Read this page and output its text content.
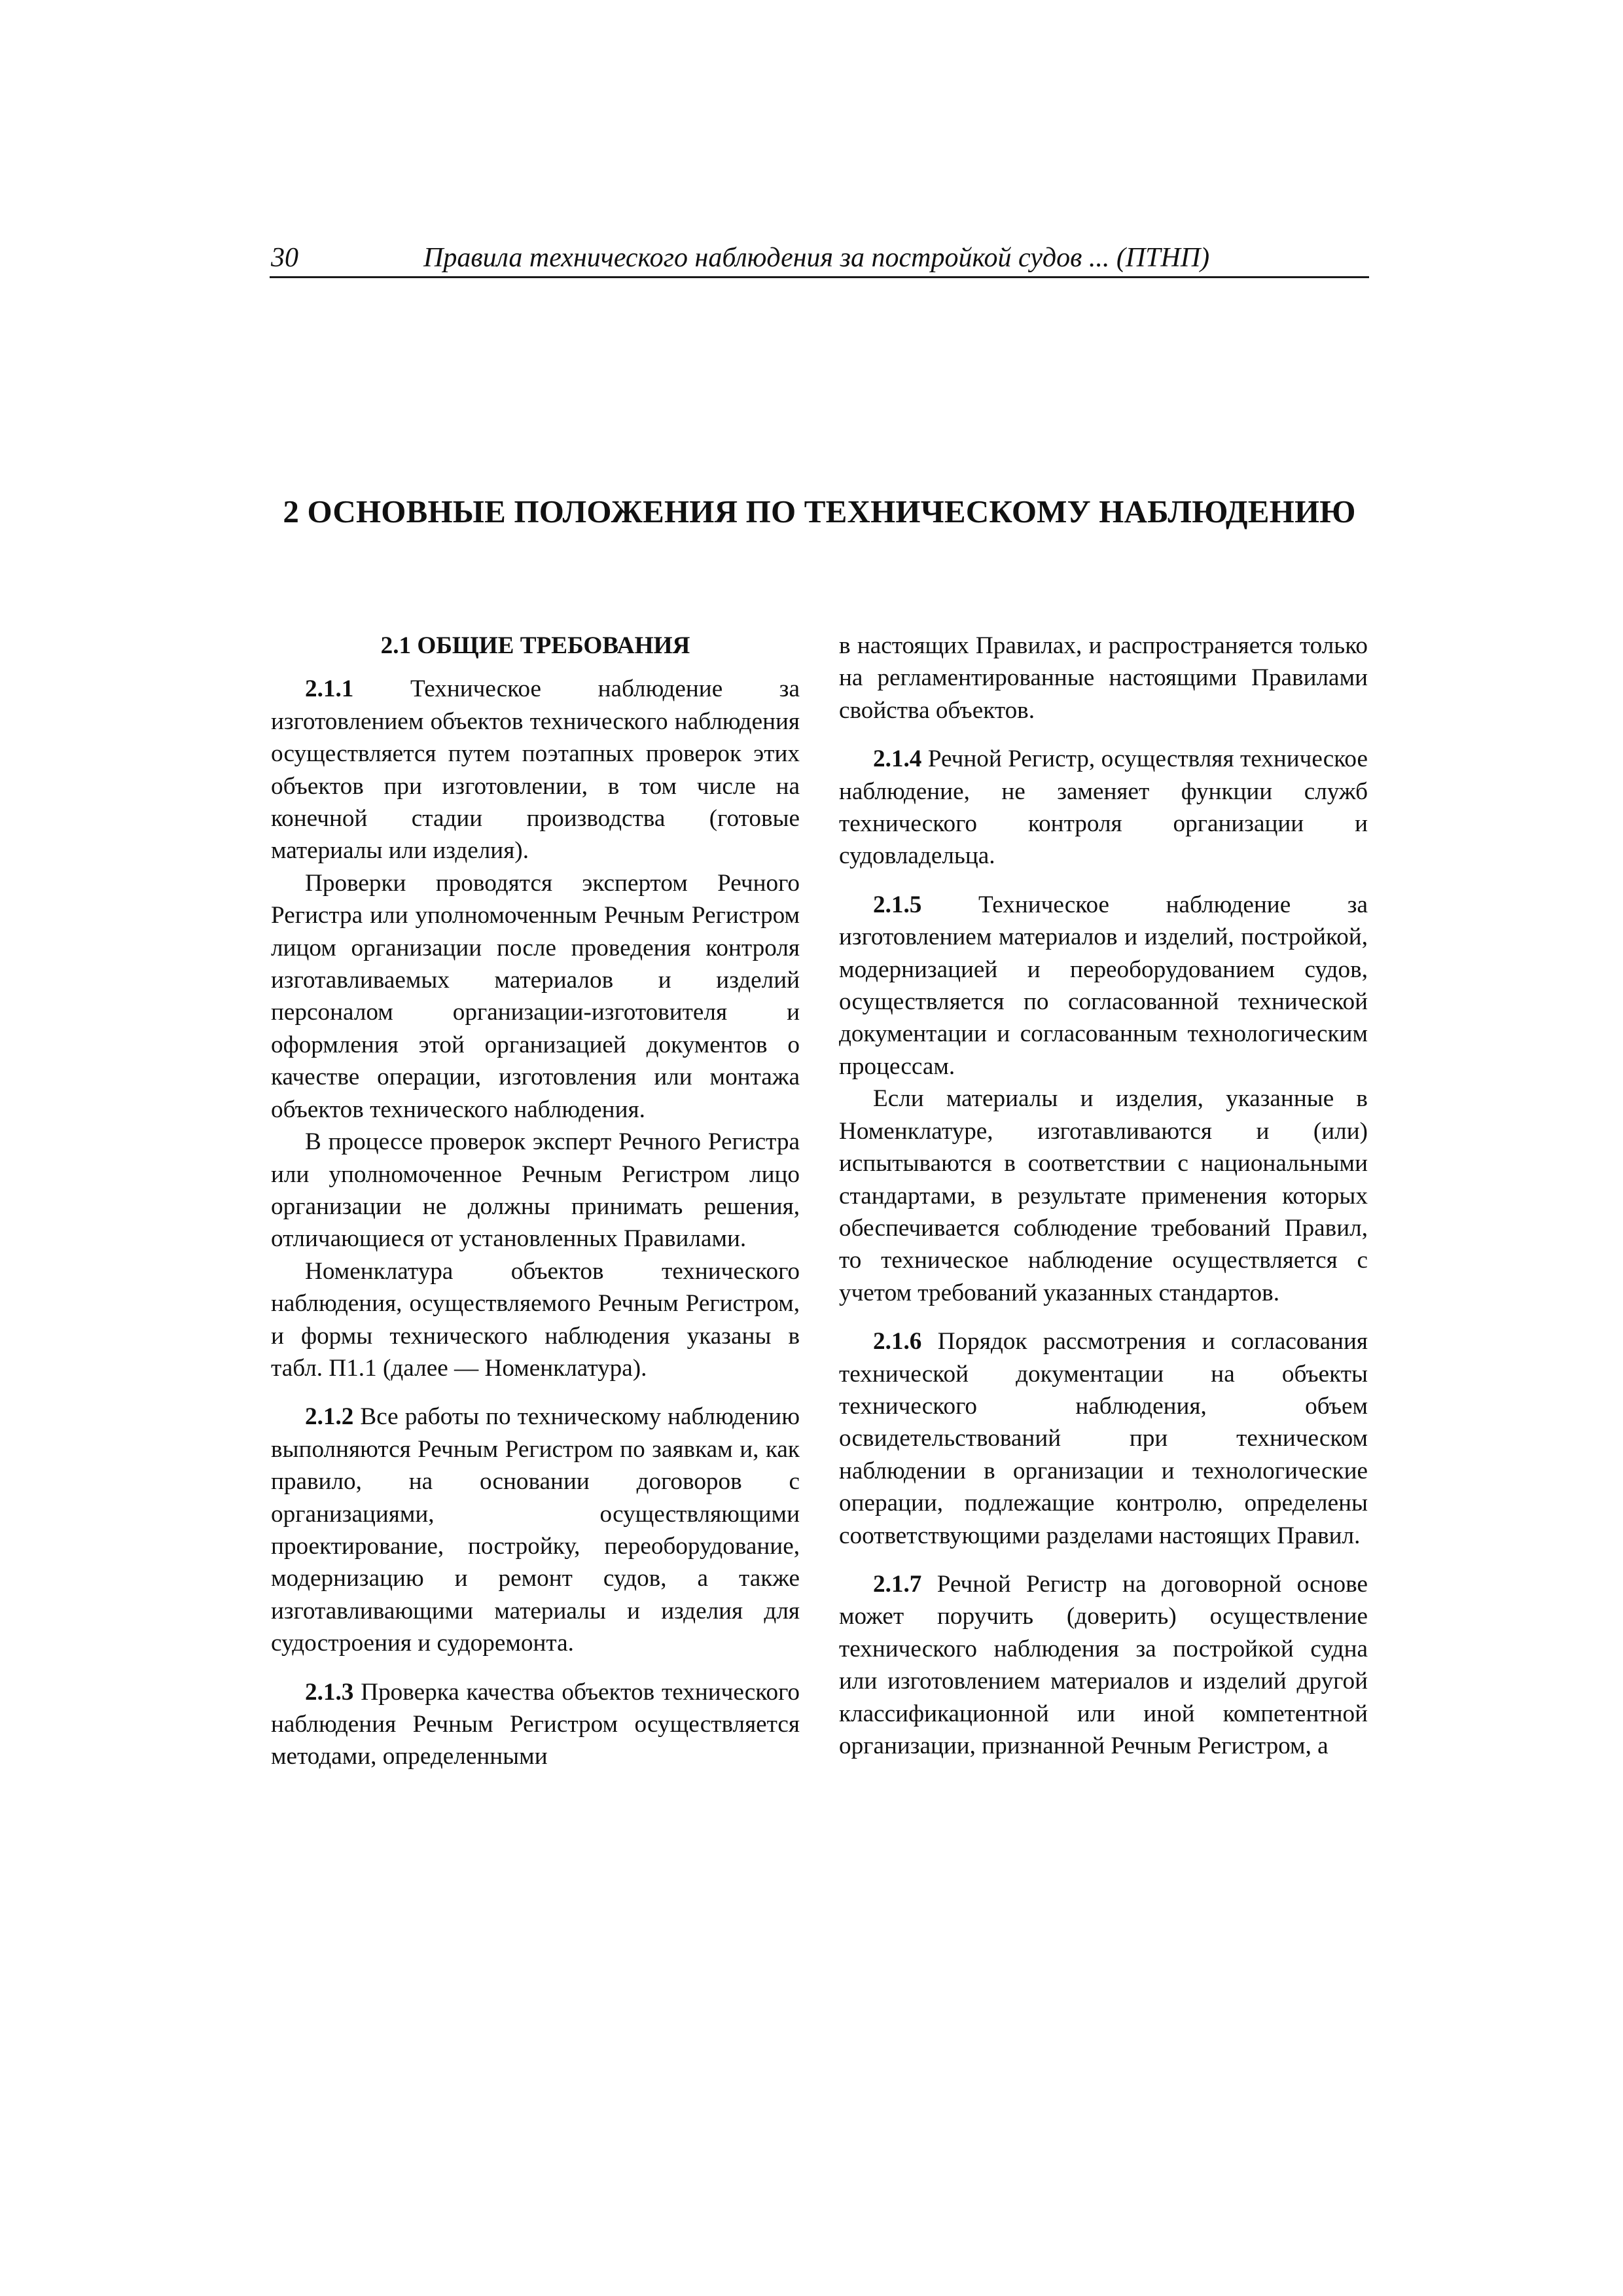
30	Правила технического наблюдения за постройкой судов ... (ПТНП)
2 ОСНОВНЫЕ ПОЛОЖЕНИЯ ПО ТЕХНИЧЕСКОМУ НАБЛЮДЕНИЮ
2.1 ОБЩИЕ ТРЕБОВАНИЯ

2.1.1 Техническое наблюдение за изготовлением объектов технического наблюдения осуществляется путем поэтапных проверок этих объектов при изготовлении, в том числе на конечной стадии производства (готовые материалы или изделия).

Проверки проводятся экспертом Речного Регистра или уполномоченным Речным Регистром лицом организации после проведения контроля изготавливаемых материалов и изделий персоналом организации-изготовителя и оформления этой организацией документов о качестве операции, изготовления или монтажа объектов технического наблюдения.

В процессе проверок эксперт Речного Регистра или уполномоченное Речным Регистром лицо организации не должны принимать решения, отличающиеся от установленных Правилами.

Номенклатура объектов технического наблюдения, осуществляемого Речным Регистром, и формы технического наблюдения указаны в табл. П1.1 (далее — Номенклатура).

2.1.2 Все работы по техническому наблюдению выполняются Речным Регистром по заявкам и, как правило, на основании договоров с организациями, осуществляющими проектирование, постройку, переоборудование, модернизацию и ремонт судов, а также изготавливающими материалы и изделия для судостроения и судоремонта.

2.1.3 Проверка качества объектов технического наблюдения Речным Регистром осуществляется методами, определенными

в настоящих Правилах, и распространяется только на регламентированные настоящими Правилами свойства объектов.

2.1.4 Речной Регистр, осуществляя техническое наблюдение, не заменяет функции служб технического контроля организации и судовладельца.

2.1.5 Техническое наблюдение за изготовлением материалов и изделий, постройкой, модернизацией и переоборудованием судов, осуществляется по согласованной технической документации и согласованным технологическим процессам.

Если материалы и изделия, указанные в Номенклатуре, изготавливаются и (или) испытываются в соответствии с национальными стандартами, в результате применения которых обеспечивается соблюдение требований Правил, то техническое наблюдение осуществляется с учетом требований указанных стандартов.

2.1.6 Порядок рассмотрения и согласования технической документации на объекты технического наблюдения, объем освидетельствований при техническом наблюдении в организации и технологические операции, подлежащие контролю, определены соответствующими разделами настоящих Правил.

2.1.7 Речной Регистр на договорной основе может поручить (доверить) осуществление технического наблюдения за постройкой судна или изготовлением материалов и изделий другой классификационной или иной компетентной организации, признанной Речным Регистром, а
